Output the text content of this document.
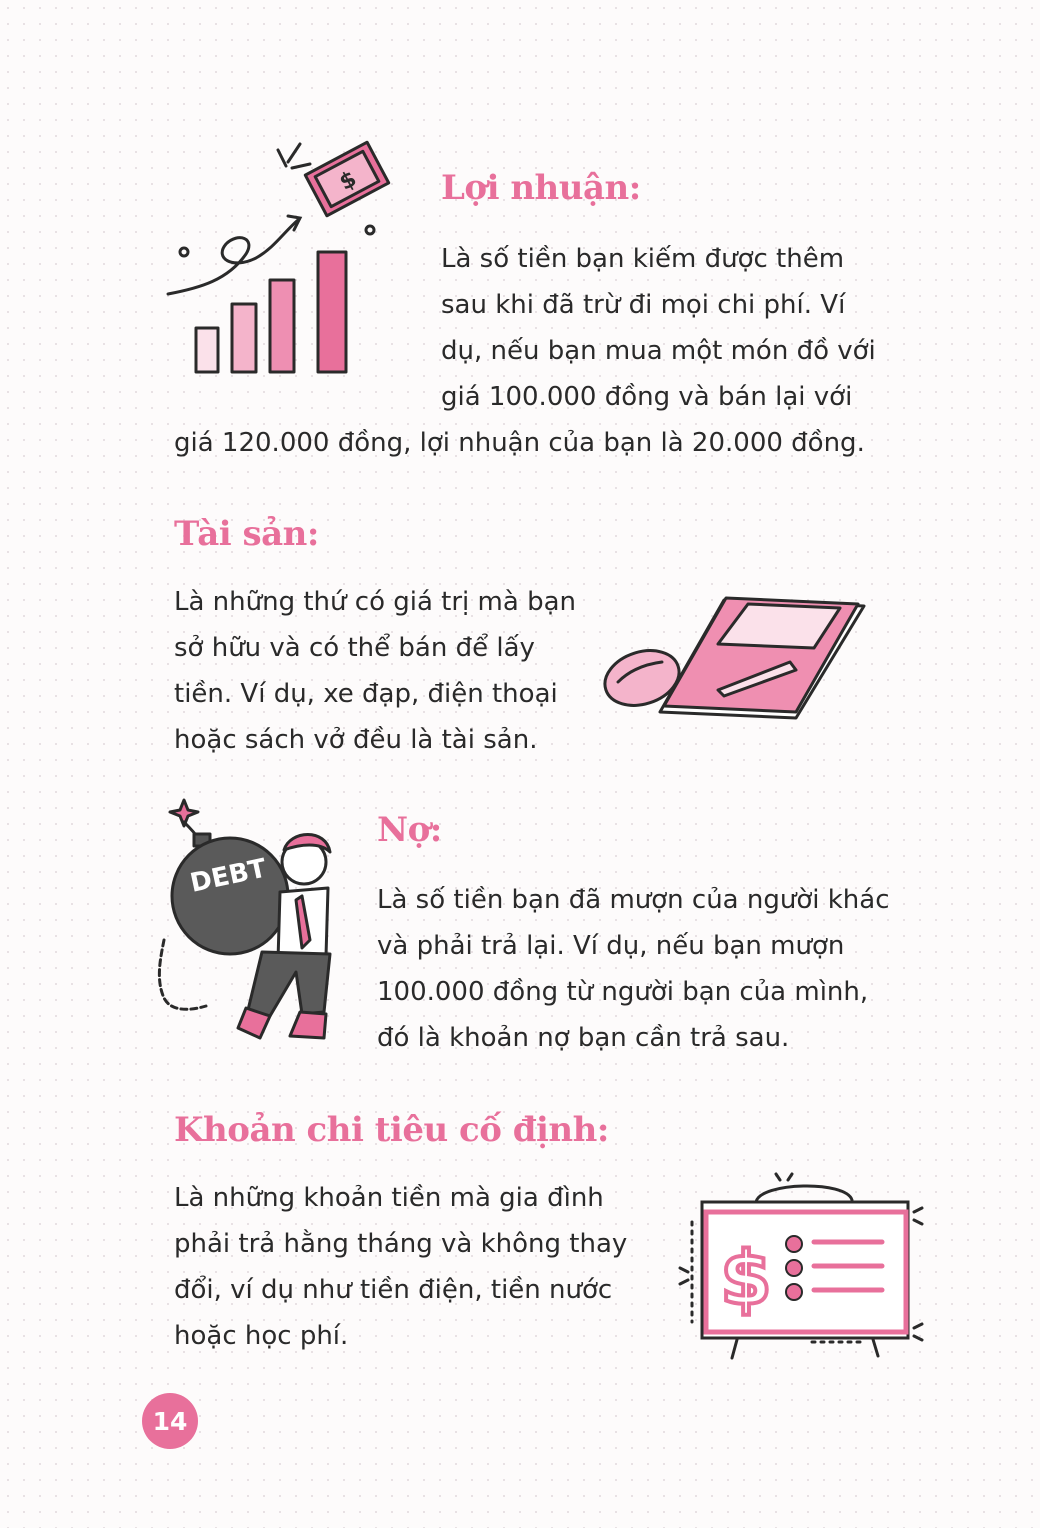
$ Lợi nhuận:

Là số tiền bạn kiếm được thêm
sau khi đã trừ đi mọi chi phí. Ví
dụ, nếu bạn mua một món đồ với
giá 100.000 đồng và bán lại với
giá 120.000 đồng, lợi nhuận của bạn là 20.000 đồng.

Tài sản:

Là những thứ có giá trị mà bạn
sở hữu và có thể bán để lấy
tiền. Ví dụ, xe đạp, điện thoại
hoặc sách vở đều là tài sản.

DEBT
Nợ:

Là số tiền bạn đã mượn của người khác
và phải trả lại. Ví dụ, nếu bạn mượn
100.000 đồng từ người bạn của mình,
đó là khoản nợ bạn cần trả sau.

Khoản chi tiêu cố định:

Là những khoản tiền mà gia đình
phải trả hằng tháng và không thay
đổi, ví dụ như tiền điện, tiền nước
hoặc học phí.

$
14
